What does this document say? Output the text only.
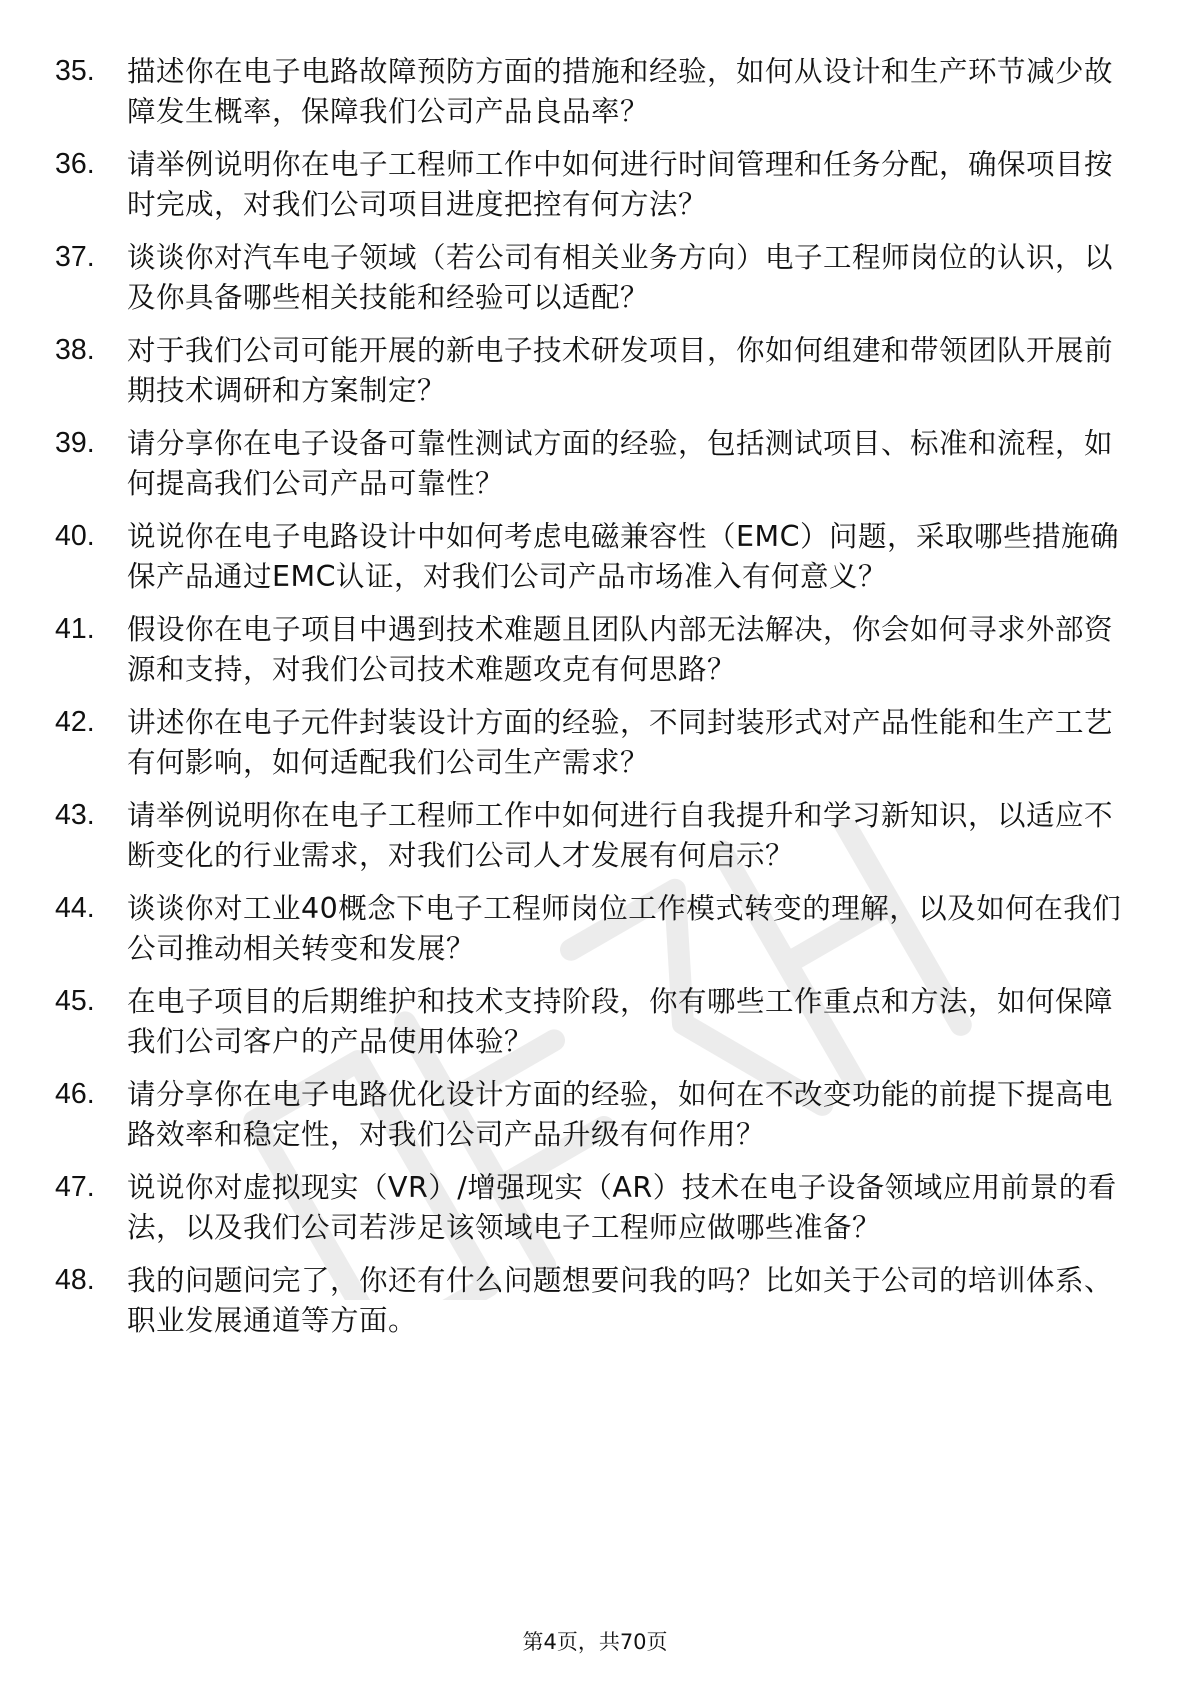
35.	描述你在电子电路故障预防方面的措施和经验，如何从设计和生产环节减少故障发生概率，保障我们公司产品良品率？
36.	请举例说明你在电子工程师工作中如何进行时间管理和任务分配，确保项目按时完成，对我们公司项目进度把控有何方法？
37.	谈谈你对汽车电子领域（若公司有相关业务方向）电子工程师岗位的认识，以及你具备哪些相关技能和经验可以适配？
38.	对于我们公司可能开展的新电子技术研发项目，你如何组建和带领团队开展前期技术调研和方案制定？
39.	请分享你在电子设备可靠性测试方面的经验，包括测试项目、标准和流程，如何提高我们公司产品可靠性？
40.	说说你在电子电路设计中如何考虑电磁兼容性（EMC）问题，采取哪些措施确保产品通过EMC认证，对我们公司产品市场准入有何意义？
41.	假设你在电子项目中遇到技术难题且团队内部无法解决，你会如何寻求外部资源和支持，对我们公司技术难题攻克有何思路？
42.	讲述你在电子元件封装设计方面的经验，不同封装形式对产品性能和生产工艺有何影响，如何适配我们公司生产需求？
43.	请举例说明你在电子工程师工作中如何进行自我提升和学习新知识，以适应不断变化的行业需求，对我们公司人才发展有何启示？
44.	谈谈你对工业40概念下电子工程师岗位工作模式转变的理解，以及如何在我们公司推动相关转变和发展？
45.	在电子项目的后期维护和技术支持阶段，你有哪些工作重点和方法，如何保障我们公司客户的产品使用体验？
46.	请分享你在电子电路优化设计方面的经验，如何在不改变功能的前提下提高电路效率和稳定性，对我们公司产品升级有何作用？
47.	说说你对虚拟现实（VR）/增强现实（AR）技术在电子设备领域应用前景的看法，以及我们公司若涉足该领域电子工程师应做哪些准备？
48.	我的问题问完了，你还有什么问题想要问我的吗？比如关于公司的培训体系、职业发展通道等方面。
第4页，共70页
